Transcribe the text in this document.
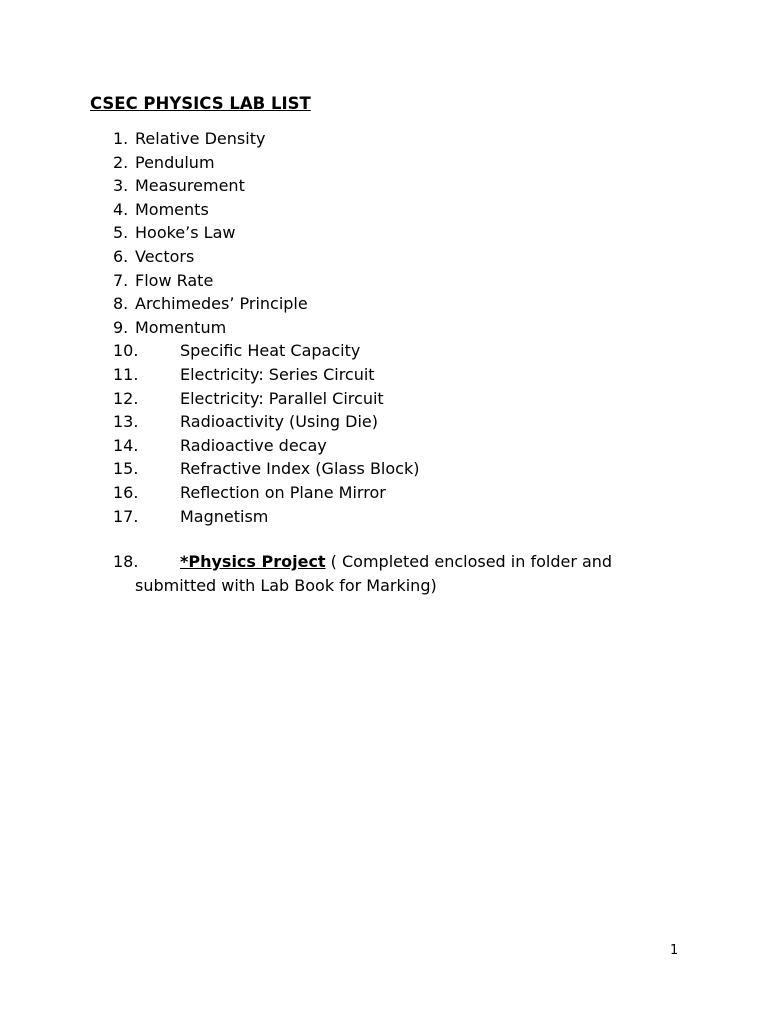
CSEC PHYSICS LAB LIST
1. Relative Density
2. Pendulum
3. Measurement
4. Moments
5. Hooke’s Law
6. Vectors
7. Flow Rate
8. Archimedes’ Principle
9. Momentum
10.	Specific Heat Capacity
11.	Electricity: Series Circuit
12.	Electricity: Parallel Circuit
13.	Radioactivity (Using Die)
14.	Radioactive decay
15.	Refractive Index (Glass Block)
16.	Reflection on Plane Mirror
17.	Magnetism
18.	*Physics Project ( Completed enclosed in folder and
submitted with Lab Book for Marking)
1
